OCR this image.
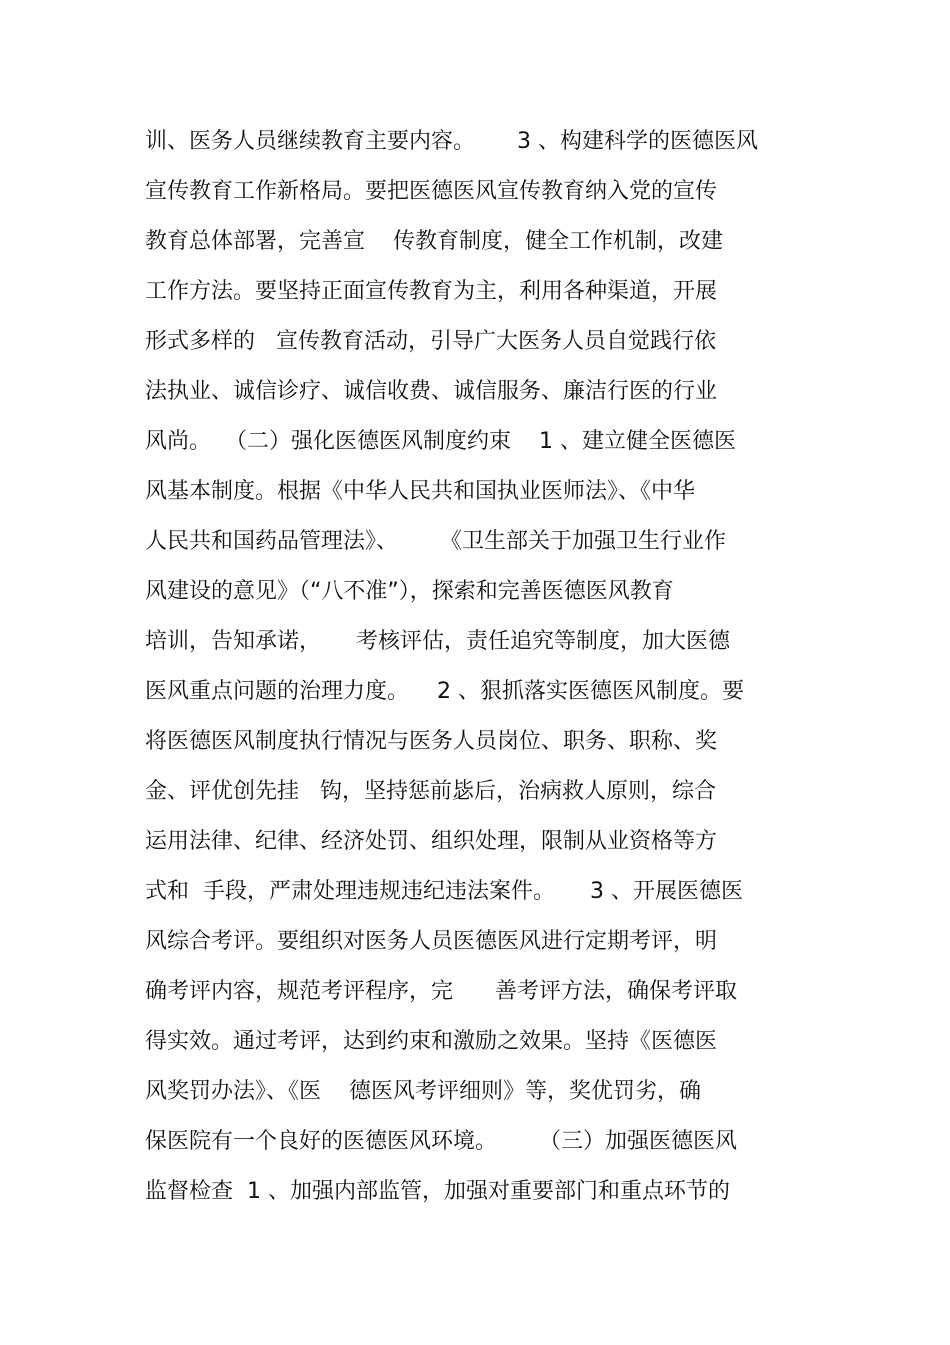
训、医务人员继续教育主要内容。      3 、构建科学的医德医风
宣传教育工作新格局。要把医德医风宣传教育纳入党的宣传
教育总体部署，完善宣    传教育制度，健全工作机制，改建
工作方法。要坚持正面宣传教育为主，利用各种渠道，开展
形式多样的   宣传教育活动，引导广大医务人员自觉践行依
法执业、诚信诊疗、诚信收费、诚信服务、廉洁行医的行业
风尚。  （二）强化医德医风制度约束    1 、建立健全医德医
风基本制度。根据《中华人民共和国执业医师法》、《中华
人民共和国药品管理法》、      《卫生部关于加强卫生行业作
风建设的意见》（“八不准”），探索和完善医德医风教育
培训，告知承诺，     考核评估，责任追究等制度，加大医德
医风重点问题的治理力度。    2 、狠抓落实医德医风制度。要
将医德医风制度执行情况与医务人员岗位、职务、职称、奖
金、评优创先挂   钩，坚持惩前毖后，治病救人原则，综合
运用法律、纪律、经济处罚、组织处理，限制从业资格等方
式和  手段，严肃处理违规违纪违法案件。     3 、开展医德医
风综合考评。要组织对医务人员医德医风进行定期考评，明
确考评内容，规范考评程序，完      善考评方法，确保考评取
得实效。通过考评，达到约束和激励之效果。坚持《医德医
风奖罚办法》、《医    德医风考评细则》等，奖优罚劣，确
保医院有一个良好的医德医风环境。      （三）加强医德医风
监督检查  1 、加强内部监管，加强对重要部门和重点环节的
